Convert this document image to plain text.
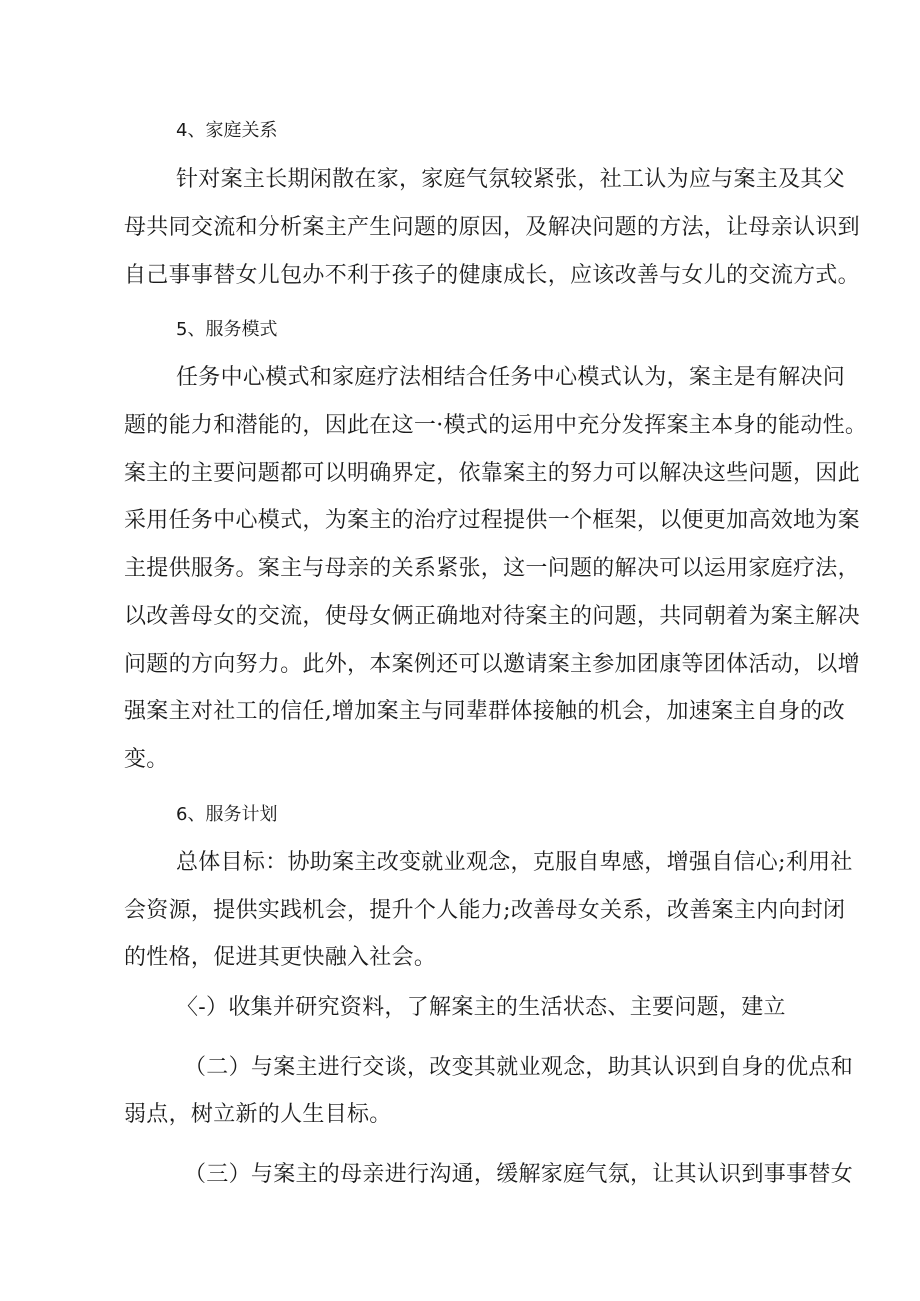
4、家庭关系
针对案主长期闲散在家，家庭气氛较紧张，社工认为应与案主及其父
母共同交流和分析案主产生问题的原因，及解决问题的方法，让母亲认识到
自己事事替女儿包办不利于孩子的健康成长，应该改善与女儿的交流方式。
5、服务模式
任务中心模式和家庭疗法相结合任务中心模式认为，案主是有解决问
题的能力和潜能的，因此在这一·模式的运用中充分发挥案主本身的能动性。
案主的主要问题都可以明确界定，依靠案主的努力可以解决这些问题，因此
采用任务中心模式，为案主的治疗过程提供一个框架，以便更加高效地为案
主提供服务。案主与母亲的关系紧张，这一问题的解决可以运用家庭疗法，
以改善母女的交流，使母女俩正确地对待案主的问题，共同朝着为案主解决
问题的方向努力。此外，本案例还可以邀请案主参加团康等团体活动，以增
强案主对社工的信任,增加案主与同辈群体接触的机会，加速案主自身的改
变。
6、服务计划
总体目标：协助案主改变就业观念，克服自卑感，增强自信心;利用社
会资源，提供实践机会，提升个人能力;改善母女关系，改善案主内向封闭
的性格，促进其更快融入社会。
〈-）收集并研究资料，了解案主的生活状态、主要问题，建立
（二）与案主进行交谈，改变其就业观念，助其认识到自身的优点和
弱点，树立新的人生目标。
（三）与案主的母亲进行沟通，缓解家庭气氛，让其认识到事事替女
